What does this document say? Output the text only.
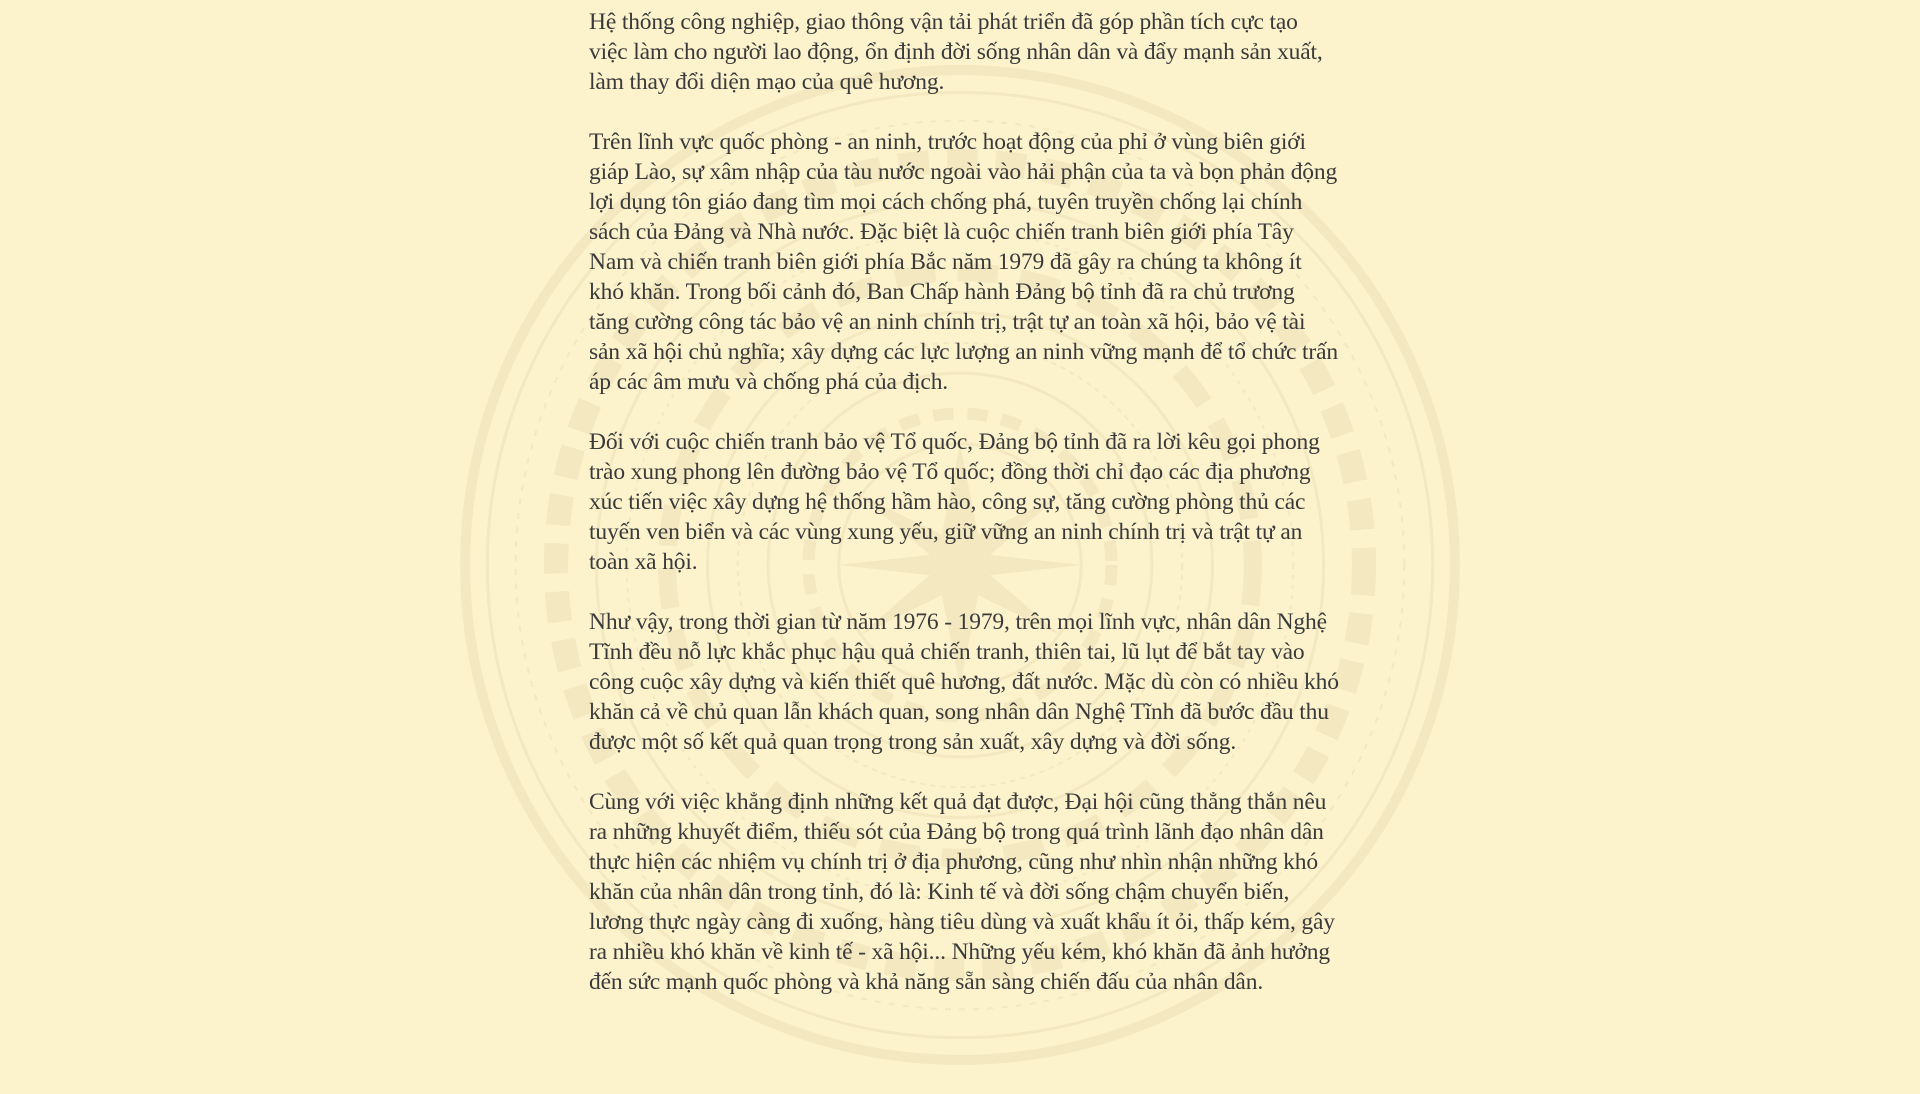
Hệ thống công nghiệp, giao thông vận tải phát triển đã góp phần tích cực tạo việc làm cho người lao động, ổn định đời sống nhân dân và đẩy mạnh sản xuất, làm thay đổi diện mạo của quê hương.

Trên lĩnh vực quốc phòng - an ninh, trước hoạt động của phỉ ở vùng biên giới giáp Lào, sự xâm nhập của tàu nước ngoài vào hải phận của ta và bọn phản động lợi dụng tôn giáo đang tìm mọi cách chống phá, tuyên truyền chống lại chính sách của Đảng và Nhà nước. Đặc biệt là cuộc chiến tranh biên giới phía Tây Nam và chiến tranh biên giới phía Bắc năm 1979 đã gây ra chúng ta không ít khó khăn. Trong bối cảnh đó, Ban Chấp hành Đảng bộ tỉnh đã ra chủ trương tăng cường công tác bảo vệ an ninh chính trị, trật tự an toàn xã hội, bảo vệ tài sản xã hội chủ nghĩa; xây dựng các lực lượng an ninh vững mạnh để tổ chức trấn áp các âm mưu và chống phá của địch.

Đối với cuộc chiến tranh bảo vệ Tổ quốc, Đảng bộ tỉnh đã ra lời kêu gọi phong trào xung phong lên đường bảo vệ Tổ quốc; đồng thời chỉ đạo các địa phương xúc tiến việc xây dựng hệ thống hầm hào, công sự, tăng cường phòng thủ các tuyến ven biển và các vùng xung yếu, giữ vững an ninh chính trị và trật tự an toàn xã hội.

Như vậy, trong thời gian từ năm 1976 - 1979, trên mọi lĩnh vực, nhân dân Nghệ Tĩnh đều nỗ lực khắc phục hậu quả chiến tranh, thiên tai, lũ lụt để bắt tay vào công cuộc xây dựng và kiến thiết quê hương, đất nước. Mặc dù còn có nhiều khó khăn cả về chủ quan lẫn khách quan, song nhân dân Nghệ Tĩnh đã bước đầu thu được một số kết quả quan trọng trong sản xuất, xây dựng và đời sống.

Cùng với việc khẳng định những kết quả đạt được, Đại hội cũng thẳng thắn nêu ra những khuyết điểm, thiếu sót của Đảng bộ trong quá trình lãnh đạo nhân dân thực hiện các nhiệm vụ chính trị ở địa phương, cũng như nhìn nhận những khó khăn của nhân dân trong tỉnh, đó là: Kinh tế và đời sống chậm chuyển biến, lương thực ngày càng đi xuống, hàng tiêu dùng và xuất khẩu ít ỏi, thấp kém, gây ra nhiều khó khăn về kinh tế - xã hội... Những yếu kém, khó khăn đã ảnh hưởng đến sức mạnh quốc phòng và khả năng sẵn sàng chiến đấu của nhân dân.
